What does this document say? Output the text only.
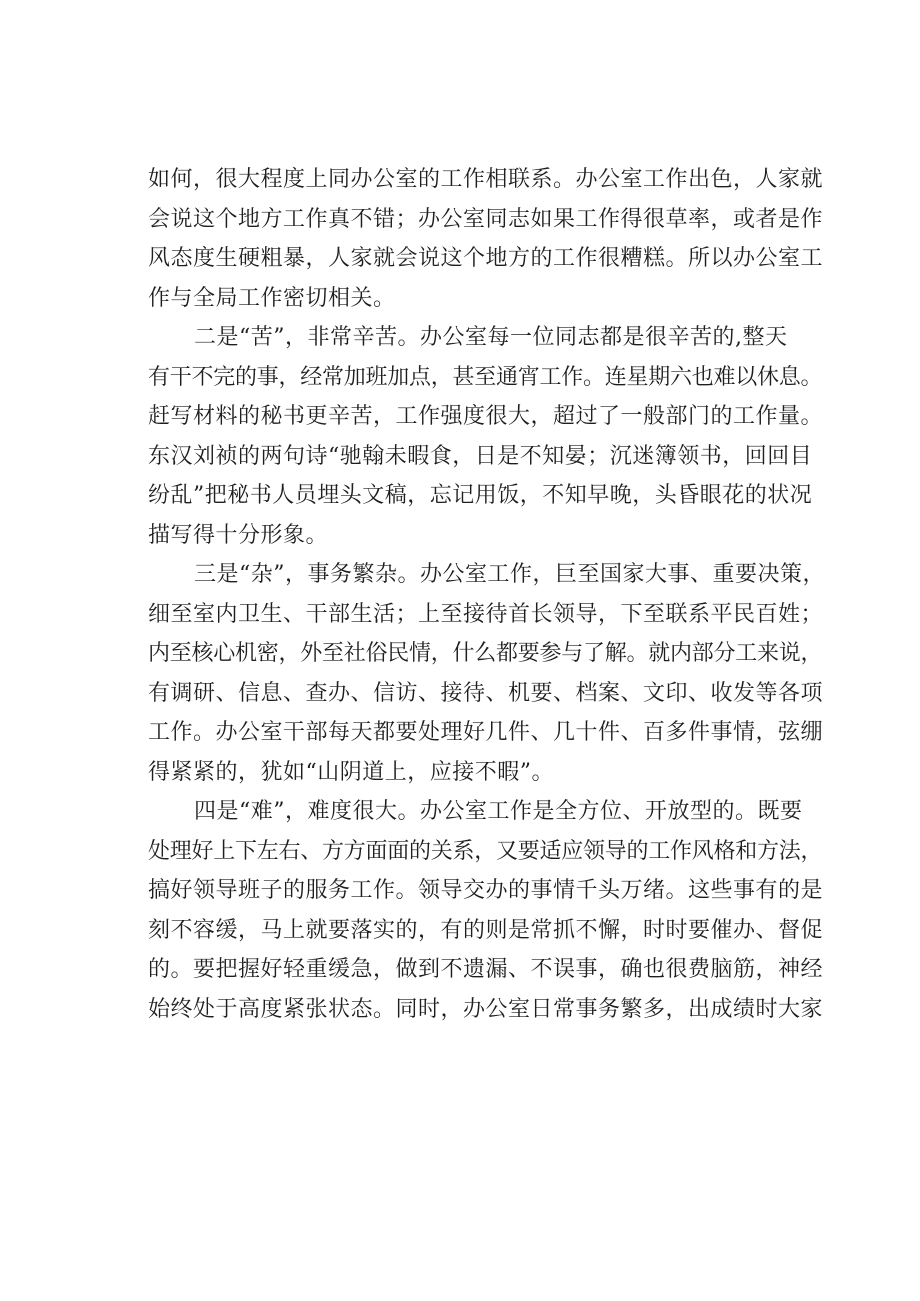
如何，很大程度上同办公室的工作相联系。办公室工作出色，人家就
会说这个地方工作真不错；办公室同志如果工作得很草率，或者是作
风态度生硬粗暴，人家就会说这个地方的工作很糟糕。所以办公室工
作与全局工作密切相关。
二是“苦”，非常辛苦。办公室每一位同志都是很辛苦的,整天
有干不完的事，经常加班加点，甚至通宵工作。连星期六也难以休息。
赶写材料的秘书更辛苦，工作强度很大，超过了一般部门的工作量。
东汉刘祯的两句诗“驰翰未暇食，日是不知晏；沉迷簿领书，回回目
纷乱”把秘书人员埋头文稿，忘记用饭，不知早晚，头昏眼花的状况
描写得十分形象。
三是“杂”，事务繁杂。办公室工作，巨至国家大事、重要决策，
细至室内卫生、干部生活；上至接待首长领导，下至联系平民百姓；
内至核心机密，外至社俗民情，什么都要参与了解。就内部分工来说，
有调研、信息、查办、信访、接待、机要、档案、文印、收发等各项
工作。办公室干部每天都要处理好几件、几十件、百多件事情，弦绷
得紧紧的，犹如“山阴道上，应接不暇”。
四是“难”，难度很大。办公室工作是全方位、开放型的。既要
处理好上下左右、方方面面的关系，又要适应领导的工作风格和方法，
搞好领导班子的服务工作。领导交办的事情千头万绪。这些事有的是
刻不容缓，马上就要落实的，有的则是常抓不懈，时时要催办、督促
的。要把握好轻重缓急，做到不遗漏、不误事，确也很费脑筋，神经
始终处于高度紧张状态。同时，办公室日常事务繁多，出成绩时大家
